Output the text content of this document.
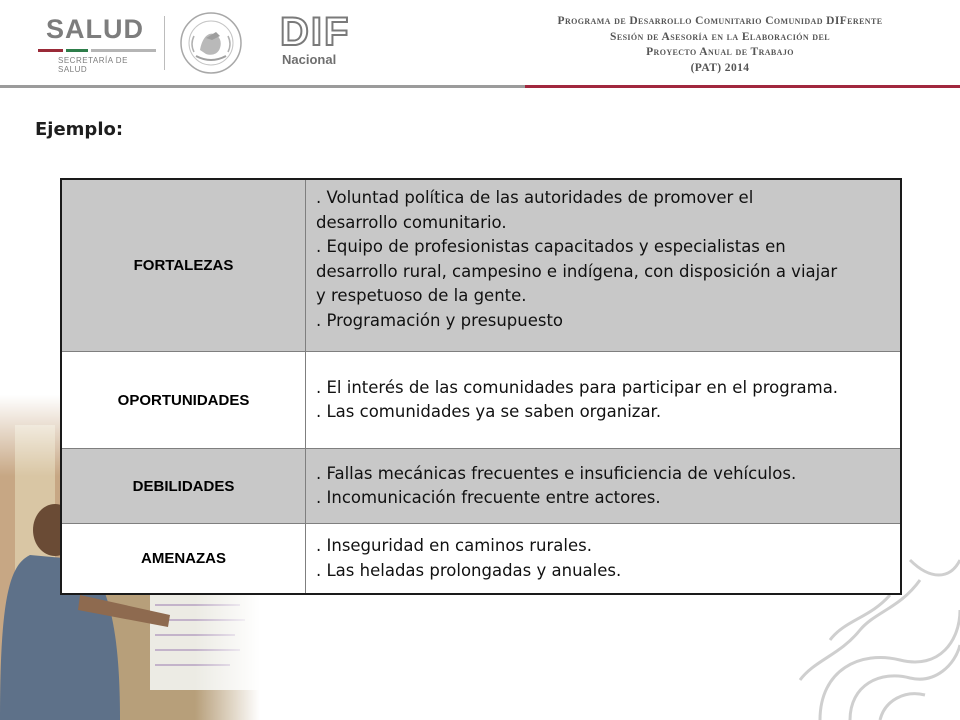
SALUD
SECRETARÍA DE SALUD
DIF
Nacional
Programa de Desarrollo Comunitario Comunidad DIFerente
Sesión de Asesoría en la Elaboración del
Proyecto Anual de Trabajo
(PAT) 2014
Ejemplo:
FORTALEZAS
. Voluntad política de las autoridades de promover el
desarrollo comunitario.
. Equipo de profesionistas capacitados y especialistas en
desarrollo rural, campesino e indígena, con disposición a viajar
y respetuoso de la gente.
. Programación y presupuesto
OPORTUNIDADES
. El interés de las comunidades para participar en el programa.
. Las comunidades ya se saben organizar.
DEBILIDADES
. Fallas mecánicas frecuentes e insuficiencia de vehículos.
. Incomunicación frecuente entre actores.
AMENAZAS
. Inseguridad en caminos rurales.
. Las heladas prolongadas y anuales.
